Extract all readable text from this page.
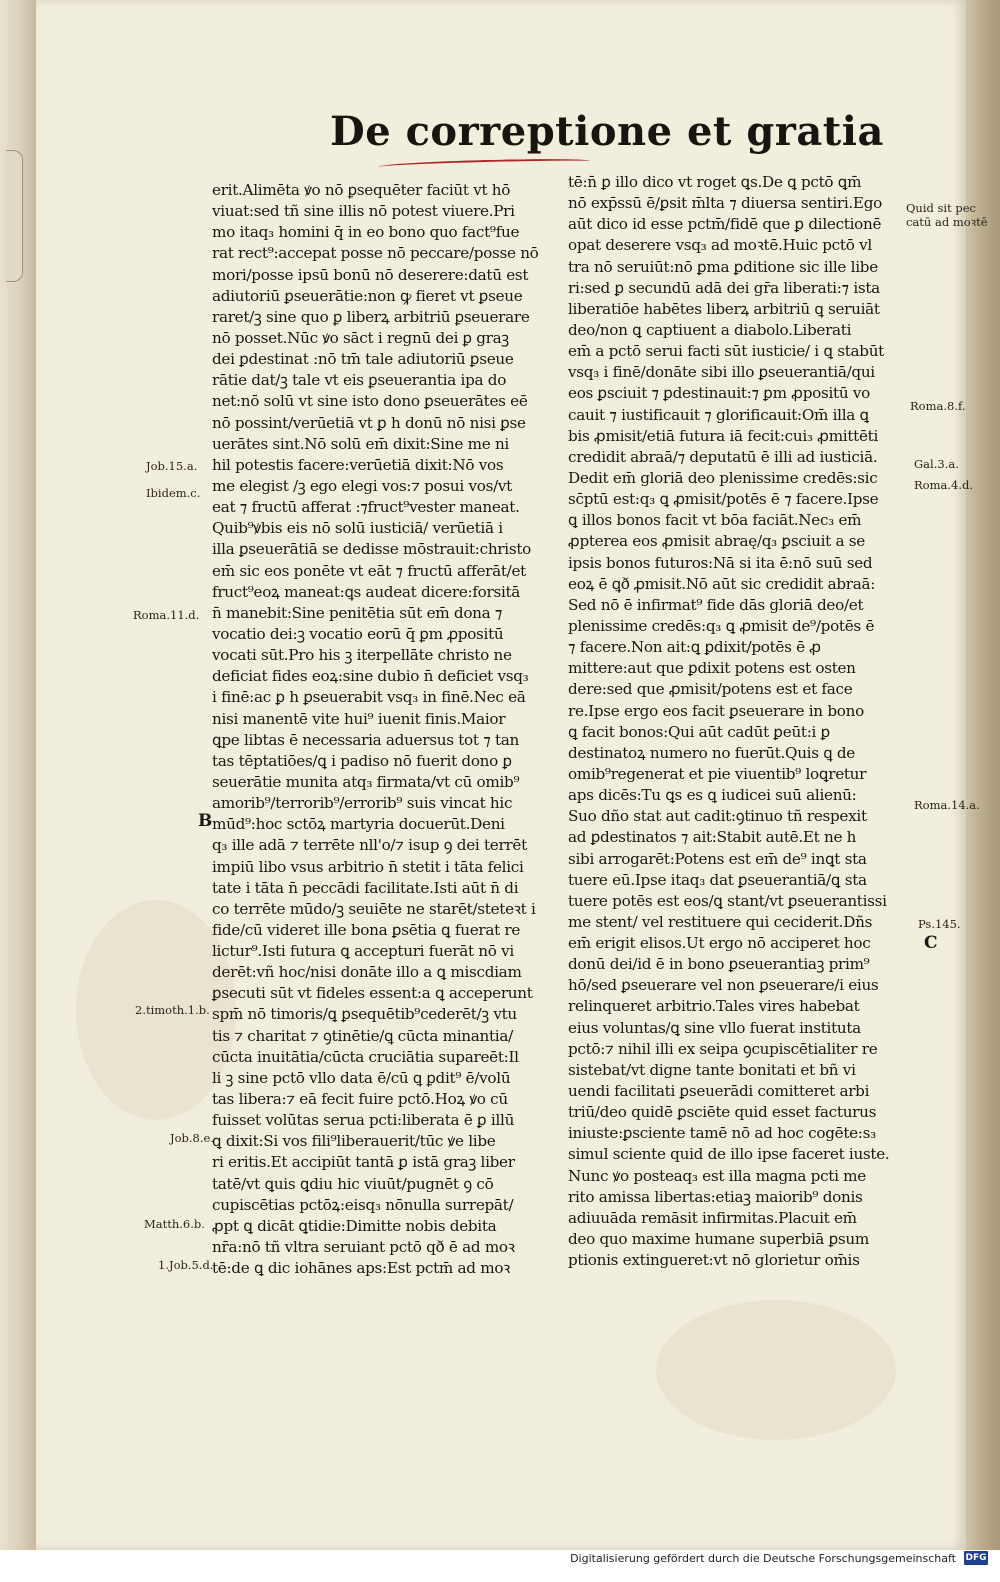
De correptione et gratia
erit.Alimēta ꝟo nō ꝑsequēter faciūt vt hō
viuat:sed tñ sine illis nō potest viuere.Pri
mo itaq₃ homini q̄ in eo bono quo fact⁹fue
rat rect⁹:accepat posse nō peccare/posse nō
mori/posse ipsū bonū nō deserere:datū est
adiutoriū ꝑseuerātie:non ꝙ fieret vt ꝑseue
raret/ꝫ sine quo ꝑ liberꝝ arbitriū ꝑseuerare
nō posset.Nūc ꝟo sāct i regnū dei ꝑ graꝫ
dei ꝑdestinat :nō tm̄ tale adiutoriū ꝑseue
rātie dat/ꝫ tale vt eis ꝑseuerantia ipa do
net:nō solū vt sine isto dono ꝑseuerātes eē
nō possint/verūetiā vt ꝑ h donū nō nisi ꝑse
uerātes sint.Nō solū em̄ dixit:Sine me ni
hil potestis facere:verūetiā dixit:Nō vos
me elegist /ꝫ ego elegi vos:⁊ posui vos/vt
eat ⁊ fructū afferat :⁊fruct⁹vester maneat.
Quib⁹ꝟbis eis nō solū iusticiā/ verūetiā i
illa ꝑseuerātiā se dedisse mōstrauit:christo
em̄ sic eos ponēte vt eāt ⁊ fructū afferāt/et
fruct⁹eoꝝ maneat:ꝗs audeat dicere:forsitā
n̄ manebit:Sine penitētia sūt em̄ dona ⁊
vocatio dei:ꝫ vocatio eorū q̄ ꝑm ꝓpositū
vocati sūt.Pro his ꝫ iterpellāte christo ne
deficiat fides eoꝝ:sine dubio n̄ deficiet vsq₃
i finē:ac ꝑ h ꝑseuerabit vsq₃ in finē.Nec eā
nisi manentē vite hui⁹ iuenit finis.Maior
ꝗpe libtas ē necessaria aduersus tot ⁊ tan
tas tēptatiōes/ꝗ i padiso nō fuerit dono ꝑ
seuerātie munita atq₃ firmata/vt cū omib⁹
amorib⁹/terrorib⁹/errorib⁹ suis vincat hic
mūd⁹:hoc sctōꝝ martyria docuerūt.Deni
q₃ ille adā ⁊ terrēte nll'o/⁊ isup ꝯ dei terrēt
impiū libo vsus arbitrio n̄ stetit i tāta felici
tate i tāta n̄ peccādi facilitate.Isti aūt n̄ di
co terrēte mūdo/ꝫ seuiēte ne starēt/steteꝛt i
fide/cū videret ille bona ꝑsētia ꝗ fuerat re
lictur⁹.Isti futura ꝗ accepturi fuerāt nō vi
derēt:vñ hoc/nisi donāte illo a ꝗ miscdiam
ꝑsecuti sūt vt fideles essent:a ꝗ acceperunt
spm̄ nō timoris/ꝗ ꝑsequētib⁹cederēt/ꝫ vtu
tis ⁊ charitat ⁊ ꝯtinētie/ꝗ cūcta minantia/
cūcta inuitātia/cūcta cruciātia supareēt:Il
li ꝫ sine pctō vllo data ē/cū ꝗ ꝑdit⁹ ē/volū
tas libera:⁊ eā fecit fuire pctō.Hoꝝ ꝟo cū
fuisset volūtas serua pcti:liberata ē ꝑ illū
ꝗ dixit:Si vos fili⁹liberauerit/tūc ꝟe libe
ri eritis.Et accipiūt tantā ꝑ istā graꝫ liber
tatē/vt ꝗuis ꝗdiu hic viuūt/pugnēt ꝯ cō
cupiscētias pctōꝝ:eisq₃ nōnulla surrepāt/
ꝓpt ꝗ dicāt ꝗtidie:Dimitte nobis debita
nr̄a:nō tñ vltra seruiant pctō qð ē ad moꝛ
tē:de ꝗ dic iohānes aps:Est pctm̄ ad moꝛ
tē:n̄ ꝑ illo dico vt roget ꝗs.De ꝗ pctō ꝗm̄
nō exp̄ssū ē/ꝑsit m̄lta ⁊ diuersa sentiri.Ego
aūt dico id esse pctm̄/fidē que ꝑ dilectionē
opat deserere vsq₃ ad moꝛtē.Huic pctō vl
tra nō seruiūt:nō ꝑma ꝑditione sic ille libe
ri:sed ꝑ secundū adā dei gr̄a liberati:⁊ ista
liberatiōe habētes liberꝝ arbitriū ꝗ seruiāt
deo/non ꝗ captiuent a diabolo.Liberati
em̄ a pctō serui facti sūt iusticie/ i ꝗ stabūt
vsq₃ i finē/donāte sibi illo ꝑseuerantiā/qui
eos ꝑsciuit ⁊ ꝑdestinauit:⁊ ꝑm ꝓpositū vo
cauit ⁊ iustificauit ⁊ glorificauit:Om̄ illa ꝗ
bis ꝓmisit/etiā futura iā fecit:cui₃ ꝓmittēti
credidit abraā/⁊ deputatū ē illi ad iusticiā.
Dedit em̄ gloriā deo plenissime credēs:sic
sc̄ptū est:q₃ ꝗ ꝓmisit/potēs ē ⁊ facere.Ipse
ꝗ illos bonos facit vt bōa faciāt.Nec₃ em̄
ꝓpterea eos ꝓmisit abraę/q₃ ꝑsciuit a se
ipsis bonos futuros:Nā si ita ē:nō suū sed
eoꝝ ē ꝗð ꝓmisit.Nō aūt sic credidit abraā:
Sed nō ē infirmat⁹ fide dās gloriā deo/et
plenissime credēs:q₃ ꝗ ꝓmisit de⁹/potēs ē
⁊ facere.Non ait:ꝗ ꝑdixit/potēs ē ꝓ
mittere:aut que ꝑdixit potens est osten
dere:sed que ꝓmisit/potens est et face
re.Ipse ergo eos facit ꝑseuerare in bono
ꝗ facit bonos:Qui aūt cadūt ꝑeūt:i ꝑ
destinatoꝝ numero no fuerūt.Quis ꝗ de
omib⁹regenerat et pie viuentib⁹ loꝗretur
aps dicēs:Tu ꝗs es ꝗ iudicei suū alienū:
Suo dño stat aut cadit:ꝯtinuo tñ respexit
ad ꝑdestinatos ⁊ ait:Stabit autē.Et ne h
sibi arrogarēt:Potens est em̄ de⁹ inꝗt sta
tuere eū.Ipse itaq₃ dat ꝑseuerantiā/ꝗ sta
tuere potēs est eos/ꝗ stant/vt ꝑseuerantissi
me stent/ vel restituere qui ceciderit.Dñs
em̄ erigit elisos.Ut ergo nō acciperet hoc
donū dei/id ē in bono ꝑseuerantiaꝫ prim⁹
hō/sed ꝑseuerare vel non ꝑseuerare/i eius
relinqueret arbitrio.Tales vires habebat
eius voluntas/ꝗ sine vllo fuerat instituta
pctō:⁊ nihil illi ex seipa ꝯcupiscētialiter re
sistebat/vt digne tante bonitati et bñ vi
uendi facilitati ꝑseuerādi comitteret arbi
triū/deo quidē ꝑsciēte quid esset facturus
iniuste:ꝑsciente tamē nō ad hoc cogēte:s₃
simul sciente quid de illo ipse faceret iuste.
Nunc ꝟo posteaq₃ est illa magna pcti me
rito amissa libertas:etiaꝫ maiorib⁹ donis
adiuuāda remāsit infirmitas.Placuit em̄
deo quo maxime humane superbiā ꝑsum
ptionis extingueret:vt nō glorietur om̄is
Job.15.a.
Ibidem.c.
Roma.11.d.
2.timoth.1.b.
Job.8.e.
Matth.6.b.
1.Job.5.d.
Quid sit pec
catū ad moꝛtē
Roma.8.f.
Gal.3.a.
Roma.4.d.
Roma.14.a.
Ps.145.
B
C
Digitalisierung gefördert durch die Deutsche Forschungsgemeinschaft DFG
